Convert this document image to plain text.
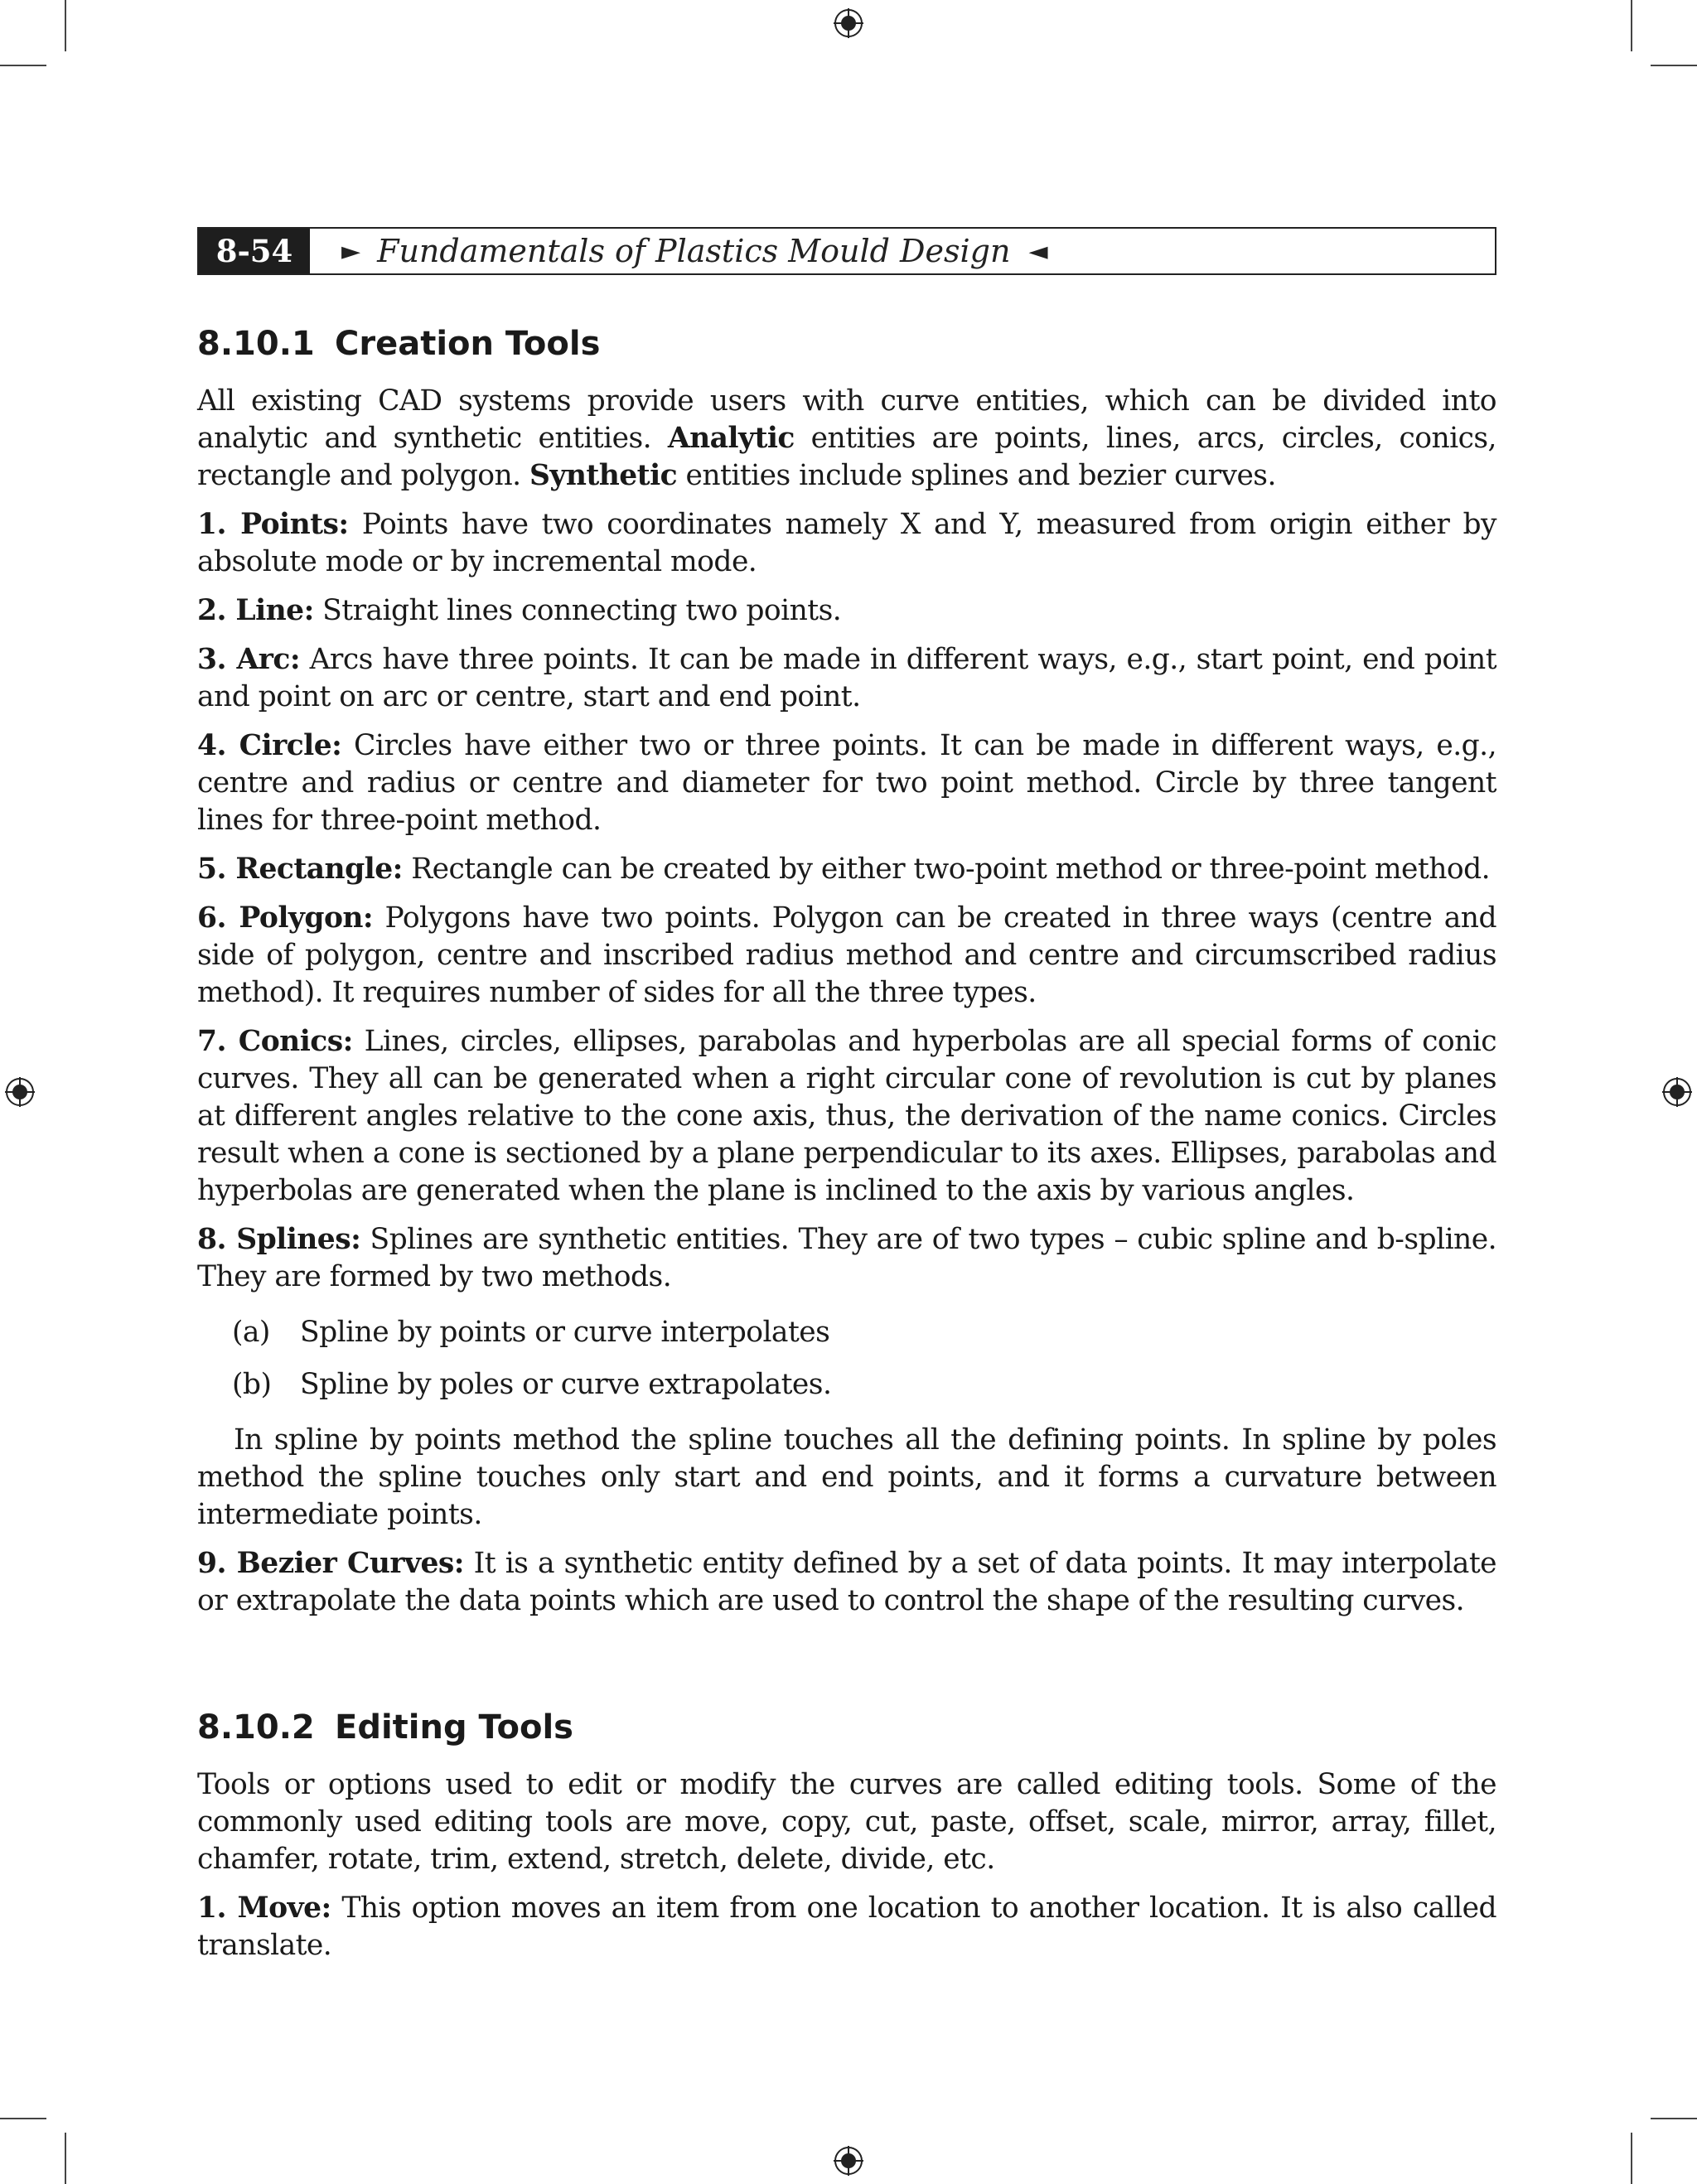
8-54	► Fundamentals of Plastics Mould Design ◄
8.10.1 Creation Tools

All existing CAD systems provide users with curve entities, which can be divided into analytic and synthetic entities. Analytic entities are points, lines, arcs, circles, conics, rectangle and polygon. Synthetic entities include splines and bezier curves.

1. Points: Points have two coordinates namely X and Y, measured from origin either by absolute mode or by incremental mode.

2. Line: Straight lines connecting two points.

3. Arc: Arcs have three points. It can be made in different ways, e.g., start point, end point and point on arc or centre, start and end point.

4. Circle: Circles have either two or three points. It can be made in different ways, e.g., centre and radius or centre and diameter for two point method. Circle by three tangent lines for three-point method.

5. Rectangle: Rectangle can be created by either two-point method or three-point method.

6. Polygon: Polygons have two points. Polygon can be created in three ways (centre and side of polygon, centre and inscribed radius method and centre and circumscribed radius method). It requires number of sides for all the three types.

7. Conics: Lines, circles, ellipses, parabolas and hyperbolas are all special forms of conic curves. They all can be generated when a right circular cone of revolution is cut by planes at different angles relative to the cone axis, thus, the derivation of the name conics. Circles result when a cone is sectioned by a plane perpendicular to its axes. Ellipses, parabolas and hyperbolas are generated when the plane is inclined to the axis by various angles.

8. Splines: Splines are synthetic entities. They are of two types – cubic spline and b-spline. They are formed by two methods.

(a)	Spline by points or curve interpolates
(b)	Spline by poles or curve extrapolates.

In spline by points method the spline touches all the defining points. In spline by poles method the spline touches only start and end points, and it forms a curvature between intermediate points.

9. Bezier Curves: It is a synthetic entity defined by a set of data points. It may interpolate or extrapolate the data points which are used to control the shape of the resulting curves.

8.10.2 Editing Tools

Tools or options used to edit or modify the curves are called editing tools. Some of the commonly used editing tools are move, copy, cut, paste, offset, scale, mirror, array, fillet, chamfer, rotate, trim, extend, stretch, delete, divide, etc.

1. Move: This option moves an item from one location to another location. It is also called translate.
